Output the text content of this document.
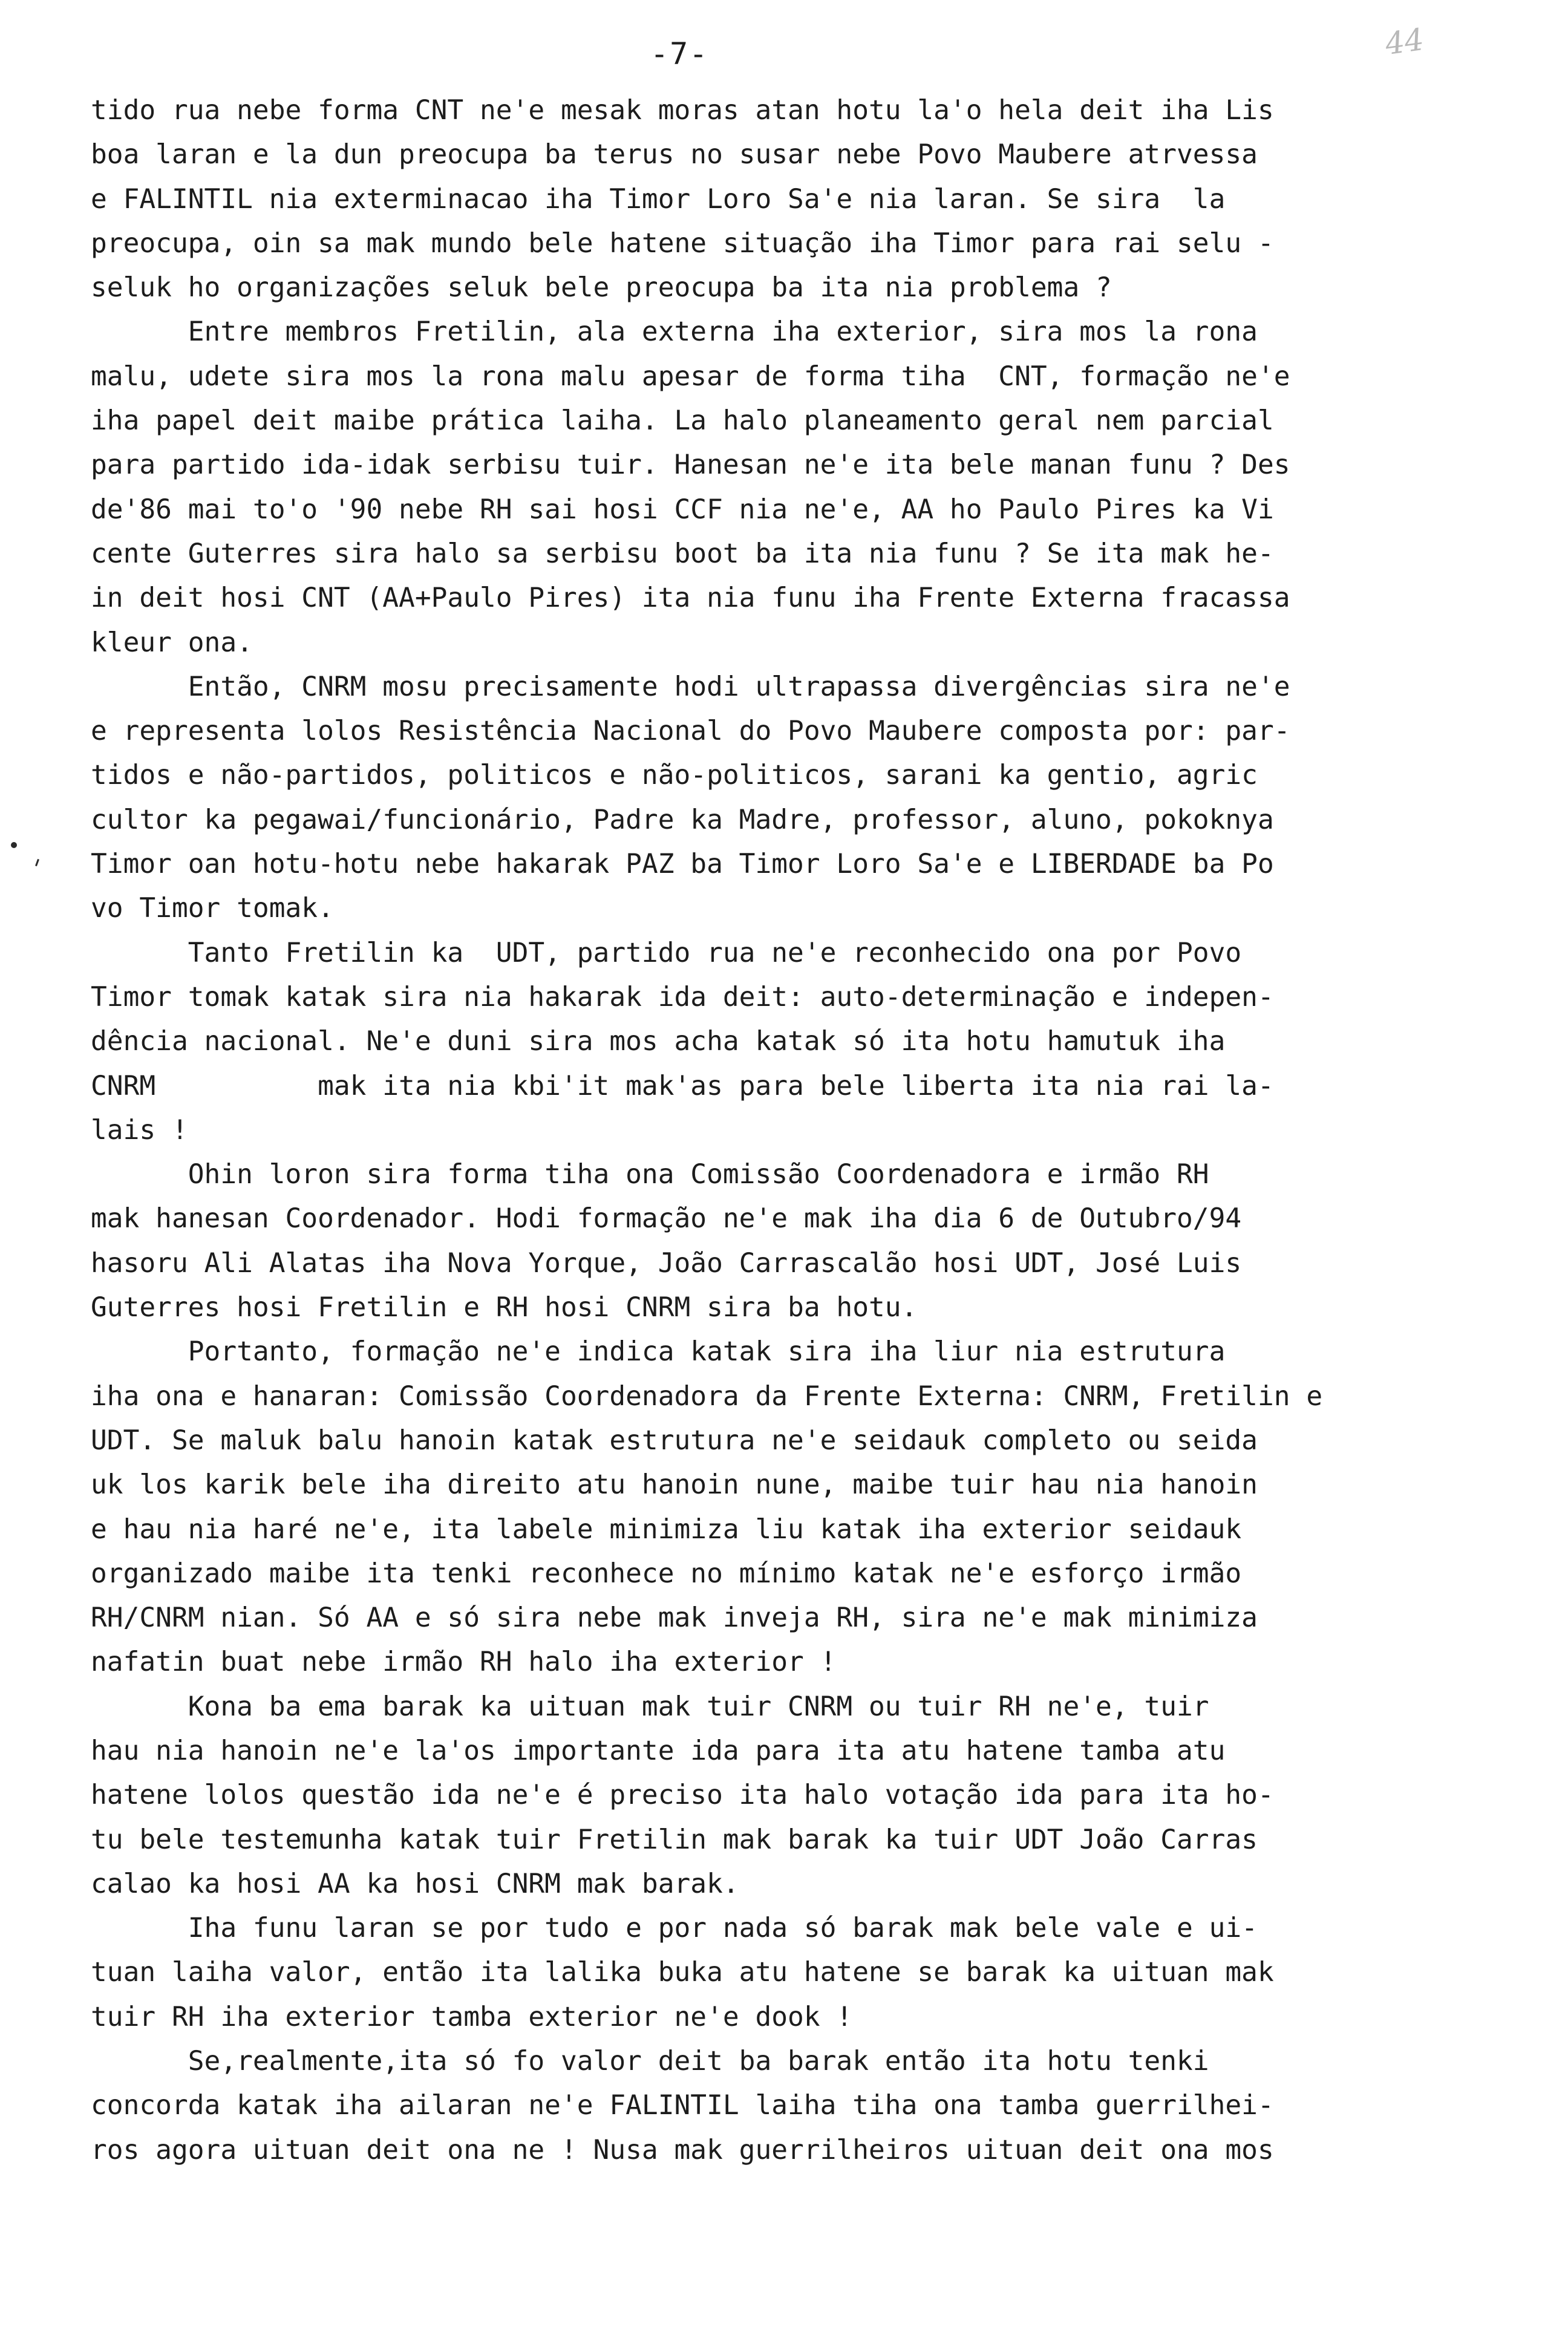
-7-	44
tido rua nebe forma CNT ne'e mesak moras atan hotu la'o hela deit iha Lis
boa laran e la dun preocupa ba terus no susar nebe Povo Maubere atrvessa
e FALINTIL nia exterminacao iha Timor Loro Sa'e nia laran. Se sira  la
preocupa, oin sa mak mundo bele hatene situação iha Timor para rai selu -
seluk ho organizações seluk bele preocupa ba ita nia problema ?
Entre membros Fretilin, ala externa iha exterior, sira mos la rona
malu, udete sira mos la rona malu apesar de forma tiha  CNT, formação ne'e
iha papel deit maibe prática laiha. La halo planeamento geral nem parcial
para partido ida-idak serbisu tuir. Hanesan ne'e ita bele manan funu ? Des
de'86 mai to'o '90 nebe RH sai hosi CCF nia ne'e, AA ho Paulo Pires ka Vi
cente Guterres sira halo sa serbisu boot ba ita nia funu ? Se ita mak he-
in deit hosi CNT (AA+Paulo Pires) ita nia funu iha Frente Externa fracassa
kleur ona.
Então, CNRM mosu precisamente hodi ultrapassa divergências sira ne'e
e representa lolos Resistência Nacional do Povo Maubere composta por: par-
tidos e não-partidos, politicos e não-politicos, sarani ka gentio, agric
cultor ka pegawai/funcionário, Padre ka Madre, professor, aluno, pokoknya
Timor oan hotu-hotu nebe hakarak PAZ ba Timor Loro Sa'e e LIBERDADE ba Po
vo Timor tomak.
Tanto Fretilin ka  UDT, partido rua ne'e reconhecido ona por Povo
Timor tomak katak sira nia hakarak ida deit: auto-determinação e indepen-
dência nacional. Ne'e duni sira mos acha katak só ita hotu hamutuk iha
CNRM          mak ita nia kbi'it mak'as para bele liberta ita nia rai la-
lais !
Ohin loron sira forma tiha ona Comissão Coordenadora e irmão RH
mak hanesan Coordenador. Hodi formação ne'e mak iha dia 6 de Outubro/94
hasoru Ali Alatas iha Nova Yorque, João Carrascalão hosi UDT, José Luis
Guterres hosi Fretilin e RH hosi CNRM sira ba hotu.
Portanto, formação ne'e indica katak sira iha liur nia estrutura
iha ona e hanaran: Comissão Coordenadora da Frente Externa: CNRM, Fretilin e
UDT. Se maluk balu hanoin katak estrutura ne'e seidauk completo ou seida
uk los karik bele iha direito atu hanoin nune, maibe tuir hau nia hanoin
e hau nia haré ne'e, ita labele minimiza liu katak iha exterior seidauk
organizado maibe ita tenki reconhece no mínimo katak ne'e esforço irmão
RH/CNRM nian. Só AA e só sira nebe mak inveja RH, sira ne'e mak minimiza
nafatin buat nebe irmão RH halo iha exterior !
Kona ba ema barak ka uituan mak tuir CNRM ou tuir RH ne'e, tuir
hau nia hanoin ne'e la'os importante ida para ita atu hatene tamba atu
hatene lolos questão ida ne'e é preciso ita halo votação ida para ita ho-
tu bele testemunha katak tuir Fretilin mak barak ka tuir UDT João Carras
calao ka hosi AA ka hosi CNRM mak barak.
Iha funu laran se por tudo e por nada só barak mak bele vale e ui-
tuan laiha valor, então ita lalika buka atu hatene se barak ka uituan mak
tuir RH iha exterior tamba exterior ne'e dook !
Se,realmente,ita só fo valor deit ba barak então ita hotu tenki
concorda katak iha ailaran ne'e FALINTIL laiha tiha ona tamba guerrilhei-
ros agora uituan deit ona ne ! Nusa mak guerrilheiros uituan deit ona mos
